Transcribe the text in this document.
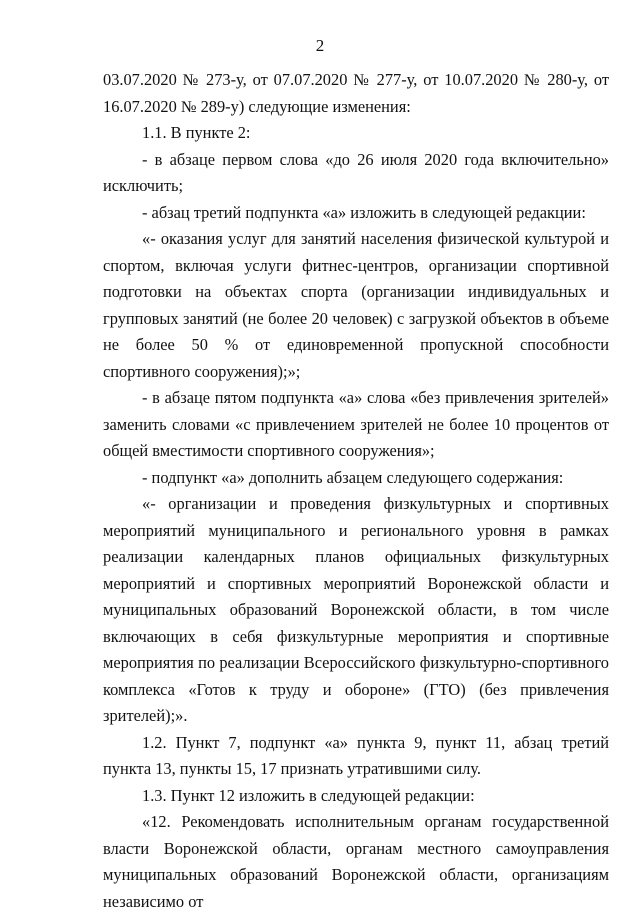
2

03.07.2020 № 273-у, от 07.07.2020 № 277-у, от 10.07.2020 № 280-у, от 16.07.2020 № 289-у) следующие изменения:

1.1. В пункте 2:

- в абзаце первом слова «до 26 июля 2020 года включительно» исключить;

- абзац третий подпункта «а» изложить в следующей редакции:

«- оказания услуг для занятий населения физической культурой и спортом, включая услуги фитнес-центров, организации спортивной подготовки на объектах спорта (организации индивидуальных и групповых занятий (не более 20 человек) с загрузкой объектов в объеме не более 50 % от единовременной пропускной способности спортивного сооружения);»;

- в абзаце пятом подпункта «а» слова «без привлечения зрителей» заменить словами «с привлечением зрителей не более 10 процентов от общей вместимости спортивного сооружения»;

- подпункт «а» дополнить абзацем следующего содержания:

«- организации и проведения физкультурных и спортивных мероприятий муниципального и регионального уровня в рамках реализации календарных планов официальных физкультурных мероприятий и спортивных мероприятий Воронежской области и муниципальных образований Воронежской области, в том числе включающих в себя физкультурные мероприятия и спортивные мероприятия по реализации Всероссийского физкультурно-спортивного комплекса «Готов к труду и обороне» (ГТО) (без привлечения зрителей);».

1.2. Пункт 7, подпункт «а» пункта 9, пункт 11, абзац третий пункта 13, пункты 15, 17 признать утратившими силу.

1.3. Пункт 12 изложить в следующей редакции:

«12. Рекомендовать исполнительным органам государственной власти Воронежской области, органам местного самоуправления муниципальных образований Воронежской области, организациям независимо от
